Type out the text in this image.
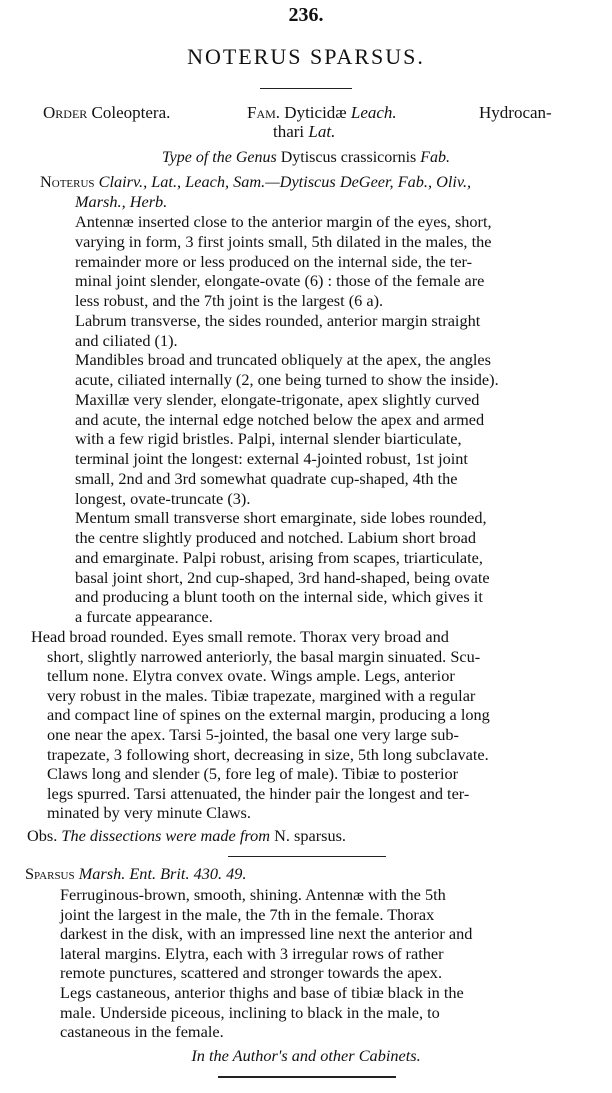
236.
NOTERUS SPARSUS.
Order Coleoptera.	Fam. Dyticidæ Leach.	Hydrocan-
thari Lat.
Type of the Genus Dytiscus crassicornis Fab.
Noterus Clairv., Lat., Leach, Sam.—Dytiscus DeGeer, Fab., Oliv.,
Marsh., Herb.
Antennæ inserted close to the anterior margin of the eyes, short,
varying in form, 3 first joints small, 5th dilated in the males, the
remainder more or less produced on the internal side, the ter-
minal joint slender, elongate-ovate (6) : those of the female are
less robust, and the 7th joint is the largest (6 a).
Labrum transverse, the sides rounded, anterior margin straight
and ciliated (1).
Mandibles broad and truncated obliquely at the apex, the angles
acute, ciliated internally (2, one being turned to show the inside).
Maxillæ very slender, elongate-trigonate, apex slightly curved
and acute, the internal edge notched below the apex and armed
with a few rigid bristles. Palpi, internal slender biarticulate,
terminal joint the longest: external 4-jointed robust, 1st joint
small, 2nd and 3rd somewhat quadrate cup-shaped, 4th the
longest, ovate-truncate (3).
Mentum small transverse short emarginate, side lobes rounded,
the centre slightly produced and notched. Labium short broad
and emarginate. Palpi robust, arising from scapes, triarticulate,
basal joint short, 2nd cup-shaped, 3rd hand-shaped, being ovate
and producing a blunt tooth on the internal side, which gives it
a furcate appearance.
Head broad rounded. Eyes small remote. Thorax very broad and
short, slightly narrowed anteriorly, the basal margin sinuated. Scu-
tellum none. Elytra convex ovate. Wings ample. Legs, anterior
very robust in the males. Tibiæ trapezate, margined with a regular
and compact line of spines on the external margin, producing a long
one near the apex. Tarsi 5-jointed, the basal one very large sub-
trapezate, 3 following short, decreasing in size, 5th long subclavate.
Claws long and slender (5, fore leg of male). Tibiæ to posterior
legs spurred. Tarsi attenuated, the hinder pair the longest and ter-
minated by very minute Claws.
Obs. The dissections were made from N. sparsus.
Sparsus Marsh. Ent. Brit. 430. 49.
Ferruginous-brown, smooth, shining. Antennæ with the 5th
joint the largest in the male, the 7th in the female. Thorax
darkest in the disk, with an impressed line next the anterior and
lateral margins. Elytra, each with 3 irregular rows of rather
remote punctures, scattered and stronger towards the apex.
Legs castaneous, anterior thighs and base of tibiæ black in the
male. Underside piceous, inclining to black in the male, to
castaneous in the female.
In the Author's and other Cabinets.
